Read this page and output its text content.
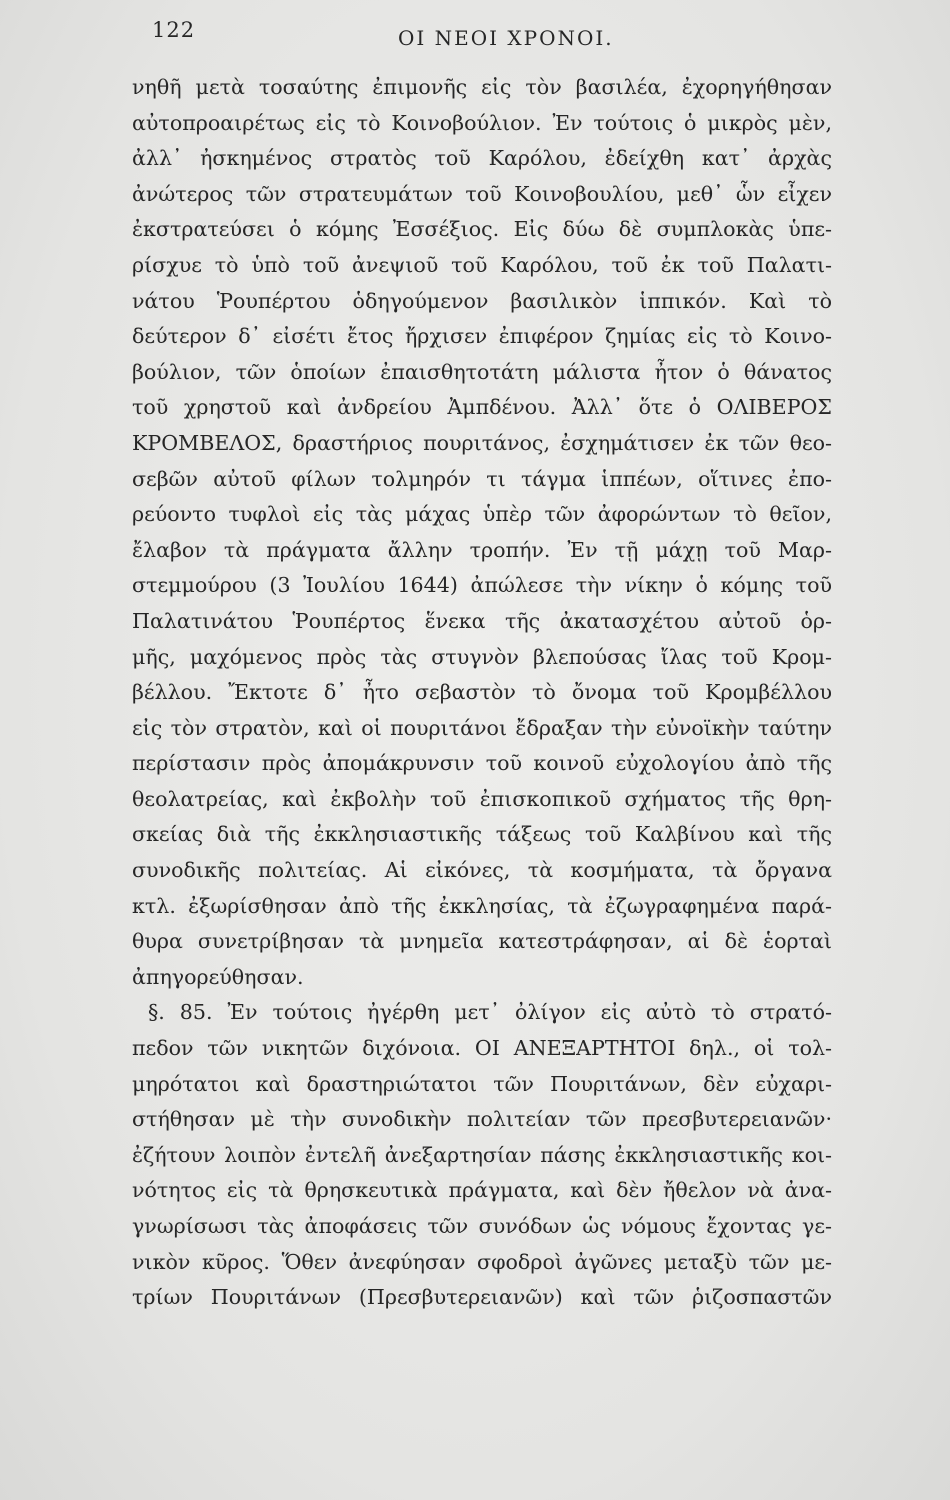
122	ΟΙ ΝΕΟΙ ΧΡΟΝΟΙ.
νηθῆ μετὰ τοσαύτης ἐπιμονῆς εἰς τὸν βασιλέα, ἐχορηγήθησαν
αὐτοπροαιρέτως εἰς τὸ Κοινοβούλιον. Ἐν τούτοις ὁ μικρὸς μὲν,
ἀλλ᾽ ἠσκημένος στρατὸς τοῦ Καρόλου, ἐδείχθη κατ᾽ ἀρχὰς
ἀνώτερος τῶν στρατευμάτων τοῦ Κοινοβουλίου, μεθ᾽ ὧν εἶχεν
ἐκστρατεύσει ὁ κόμης Ἐσσέξιος. Εἰς δύω δὲ συμπλοκὰς ὑπε-
ρίσχυε τὸ ὑπὸ τοῦ ἀνεψιοῦ τοῦ Καρόλου, τοῦ ἐκ τοῦ Παλατι-
νάτου Ῥουπέρτου ὁδηγούμενον βασιλικὸν ἱππικόν. Καὶ τὸ
δεύτερον δ᾽ εἰσέτι ἔτος ἤρχισεν ἐπιφέρον ζημίας εἰς τὸ Κοινο-
βούλιον, τῶν ὁποίων ἐπαισθητοτάτη μάλιστα ἦτον ὁ θάνατος
τοῦ χρηστοῦ καὶ ἀνδρείου Ἀμπδένου. Ἀλλ᾽ ὅτε ὁ ΟΛΙΒΕΡΟΣ
ΚΡΟΜΒΕΛΟΣ, δραστήριος πουριτάνος, ἐσχημάτισεν ἐκ τῶν θεο-
σεβῶν αὐτοῦ φίλων τολμηρόν τι τάγμα ἱππέων, οἵτινες ἐπο-
ρεύοντο τυφλοὶ εἰς τὰς μάχας ὑπὲρ τῶν ἀφορώντων τὸ θεῖον,
ἔλαβον τὰ πράγματα ἄλλην τροπήν. Ἐν τῇ μάχῃ τοῦ Μαρ-
στεμμούρου (3 Ἰουλίου 1644) ἀπώλεσε τὴν νίκην ὁ κόμης τοῦ
Παλατινάτου Ῥουπέρτος ἕνεκα τῆς ἀκατασχέτου αὐτοῦ ὁρ-
μῆς, μαχόμενος πρὸς τὰς στυγνὸν βλεπούσας ἴλας τοῦ Κρομ-
βέλλου. Ἔκτοτε δ᾽ ἦτο σεβαστὸν τὸ ὄνομα τοῦ Κρομβέλλου
εἰς τὸν στρατὸν, καὶ οἱ πουριτάνοι ἔδραξαν τὴν εὐνοϊκὴν ταύτην
περίστασιν πρὸς ἀπομάκρυνσιν τοῦ κοινοῦ εὐχολογίου ἀπὸ τῆς
θεολατρείας, καὶ ἐκβολὴν τοῦ ἐπισκοπικοῦ σχήματος τῆς θρη-
σκείας διὰ τῆς ἐκκλησιαστικῆς τάξεως τοῦ Καλβίνου καὶ τῆς
συνοδικῆς πολιτείας. Αἱ εἰκόνες, τὰ κοσμήματα, τὰ ὄργανα
κτλ. ἐξωρίσθησαν ἀπὸ τῆς ἐκκλησίας, τὰ ἐζωγραφημένα παρά-
θυρα συνετρίβησαν τὰ μνημεῖα κατεστράφησαν, αἱ δὲ ἑορταὶ
ἀπηγορεύθησαν.
§. 85. Ἐν τούτοις ἠγέρθη μετ᾽ ὀλίγον εἰς αὐτὸ τὸ στρατό-
πεδον τῶν νικητῶν διχόνοια. ΟΙ ΑΝΕΞΑΡΤΗΤΟΙ δηλ., οἱ τολ-
μηρότατοι καὶ δραστηριώτατοι τῶν Πουριτάνων, δὲν εὐχαρι-
στήθησαν μὲ τὴν συνοδικὴν πολιτείαν τῶν πρεσβυτερειανῶν·
ἐζήτουν λοιπὸν ἐντελῆ ἀνεξαρτησίαν πάσης ἐκκλησιαστικῆς κοι-
νότητος εἰς τὰ θρησκευτικὰ πράγματα, καὶ δὲν ἤθελον νὰ ἀνα-
γνωρίσωσι τὰς ἀποφάσεις τῶν συνόδων ὡς νόμους ἔχοντας γε-
νικὸν κῦρος. Ὅθεν ἀνεφύησαν σφοδροὶ ἀγῶνες μεταξὺ τῶν με-
τρίων Πουριτάνων (Πρεσβυτερειανῶν) καὶ τῶν ῥιζοσπαστῶν
